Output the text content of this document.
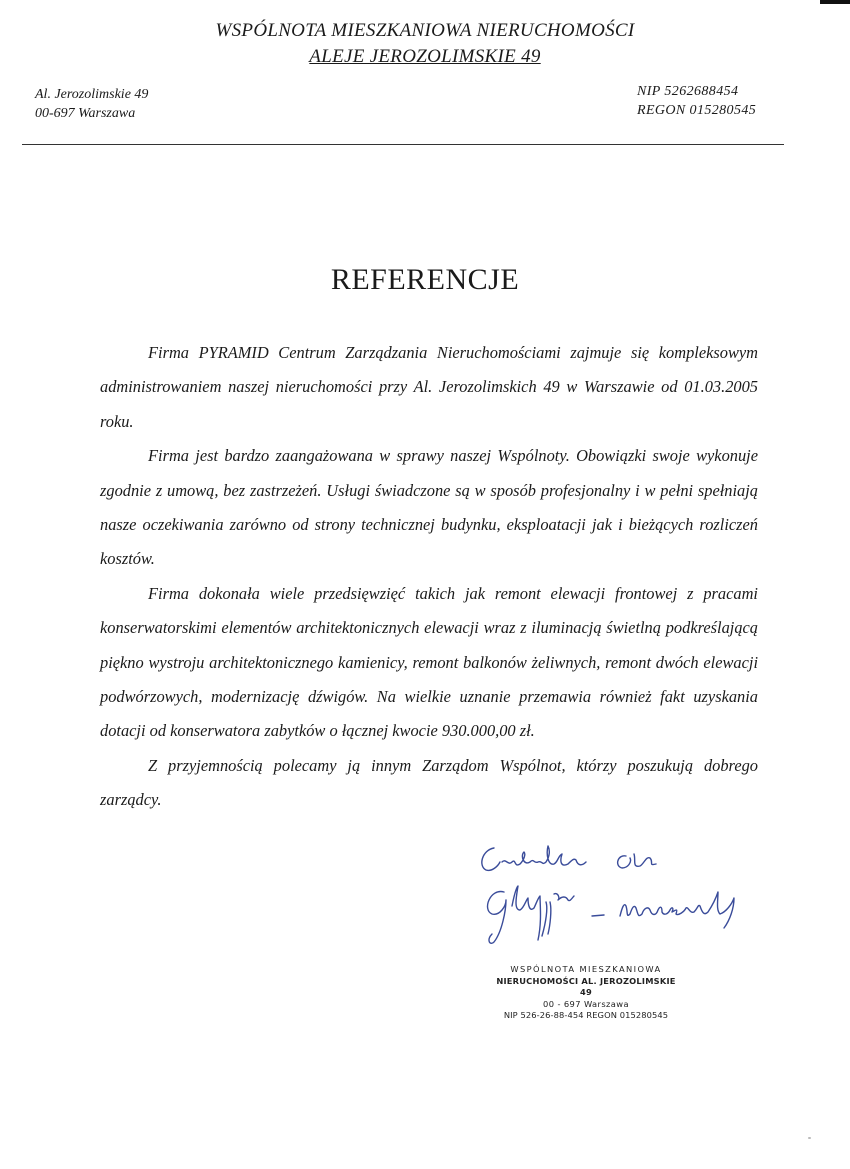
WSPÓLNOTA MIESZKANIOWA NIERUCHOMOŚCI
ALEJE JEROZOLIMSKIE 49
Al. Jerozolimskie 49
00-697 Warszawa
NIP 5262688454
REGON 015280545
REFERENCJE

Firma PYRAMID Centrum Zarządzania Nieruchomościami zajmuje się kompleksowym administrowaniem naszej nieruchomości przy Al. Jerozolimskich 49 w Warszawie od 01.03.2005 roku.

Firma jest bardzo zaangażowana w sprawy naszej Wspólnoty. Obowiązki swoje wykonuje zgodnie z umową, bez zastrzeżeń. Usługi świadczone są w sposób profesjonalny i w pełni spełniają nasze oczekiwania zarówno od strony technicznej budynku, eksploatacji jak i bieżących rozliczeń kosztów.

Firma dokonała wiele przedsięwzięć takich jak remont elewacji frontowej z pracami konserwatorskimi elementów architektonicznych elewacji wraz z iluminacją świetlną podkreślającą piękno wystroju architektonicznego kamienicy, remont balkonów żeliwnych, remont dwóch elewacji podwórzowych, modernizację dźwigów. Na wielkie uznanie przemawia również fakt uzyskania dotacji od konserwatora zabytków o łącznej kwocie 930.000,00 zł.

Z przyjemnością polecamy ją innym Zarządom Wspólnot, którzy poszukują dobrego zarządcy.

WSPÓLNOTA MIESZKANIOWA
NIERUCHOMOŚCI AL. JEROZOLIMSKIE 49
00 - 697 Warszawa
NIP 526-26-88-454 REGON 015280545
